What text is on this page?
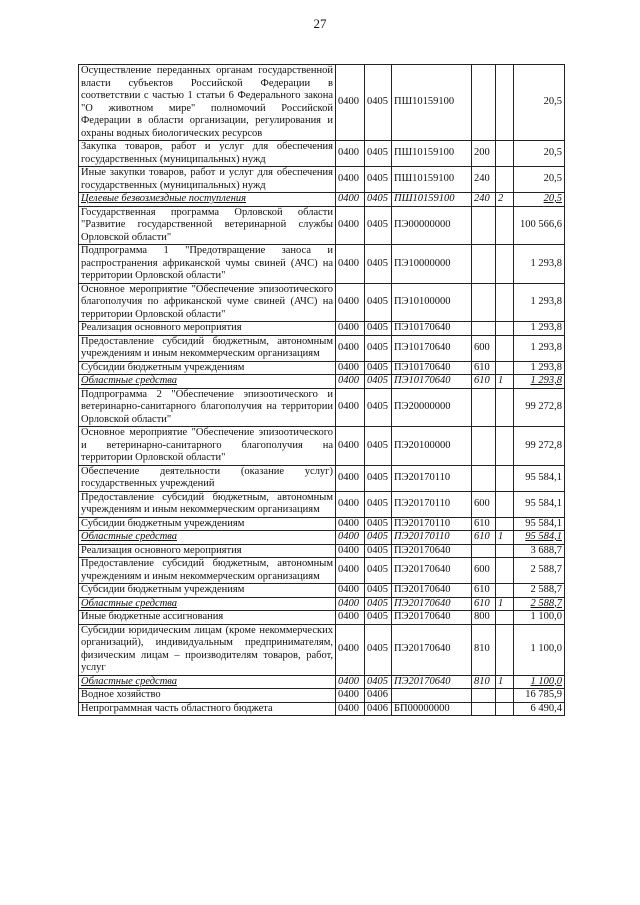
27
Осуществление переданных органам государственной власти субъектов Российской Федерации в соответствии с частью 1 статьи 6 Федерального закона "О животном мире" полномочий Российской Федерации в области организации, регулирования и охраны водных биологических ресурсов	0400	0405	ПШ10159100			20,5
Закупка товаров, работ и услуг для обеспечения государственных (муниципальных) нужд	0400	0405	ПШ10159100	200		20,5
Иные закупки товаров, работ и услуг для обеспечения государственных (муниципальных) нужд	0400	0405	ПШ10159100	240		20,5
Целевые безвозмездные поступления	0400	0405	ПШ10159100	240	2	20,5
Государственная программа Орловской области "Развитие государственной ветеринарной службы Орловской области"	0400	0405	ПЭ00000000			100 566,6
Подпрограмма 1 "Предотвращение заноса и распространения африканской чумы свиней (АЧС) на территории Орловской области"	0400	0405	ПЭ10000000			1 293,8
Основное мероприятие "Обеспечение эпизоотического благополучия по африканской чуме свиней (АЧС) на территории Орловской области"	0400	0405	ПЭ10100000			1 293,8
Реализация основного мероприятия	0400	0405	ПЭ10170640			1 293,8
Предоставление субсидий бюджетным, автономным учреждениям и иным некоммерческим организациям	0400	0405	ПЭ10170640	600		1 293,8
Субсидии бюджетным учреждениям	0400	0405	ПЭ10170640	610		1 293,8
Областные средства	0400	0405	ПЭ10170640	610	1	1 293,8
Подпрограмма 2 "Обеспечение эпизоотического и ветеринарно-санитарного благополучия на территории Орловской области"	0400	0405	ПЭ20000000			99 272,8
Основное мероприятие "Обеспечение эпизоотического и ветеринарно-санитарного благополучия на территории Орловской области"	0400	0405	ПЭ20100000			99 272,8
Обеспечение деятельности (оказание услуг) государственных учреждений	0400	0405	ПЭ20170110			95 584,1
Предоставление субсидий бюджетным, автономным учреждениям и иным некоммерческим организациям	0400	0405	ПЭ20170110	600		95 584,1
Субсидии бюджетным учреждениям	0400	0405	ПЭ20170110	610		95 584,1
Областные средства	0400	0405	ПЭ20170110	610	1	95 584,1
Реализация основного мероприятия	0400	0405	ПЭ20170640			3 688,7
Предоставление субсидий бюджетным, автономным учреждениям и иным некоммерческим организациям	0400	0405	ПЭ20170640	600		2 588,7
Субсидии бюджетным учреждениям	0400	0405	ПЭ20170640	610		2 588,7
Областные средства	0400	0405	ПЭ20170640	610	1	2 588,7
Иные бюджетные ассигнования	0400	0405	ПЭ20170640	800		1 100,0
Субсидии юридическим лицам (кроме некоммерческих организаций), индивидуальным предпринимателям, физическим лицам – производителям товаров, работ, услуг	0400	0405	ПЭ20170640	810		1 100,0
Областные средства	0400	0405	ПЭ20170640	810	1	1 100,0
Водное хозяйство	0400	0406				16 785,9
Непрограммная часть областного бюджета	0400	0406	БП00000000			6 490,4
